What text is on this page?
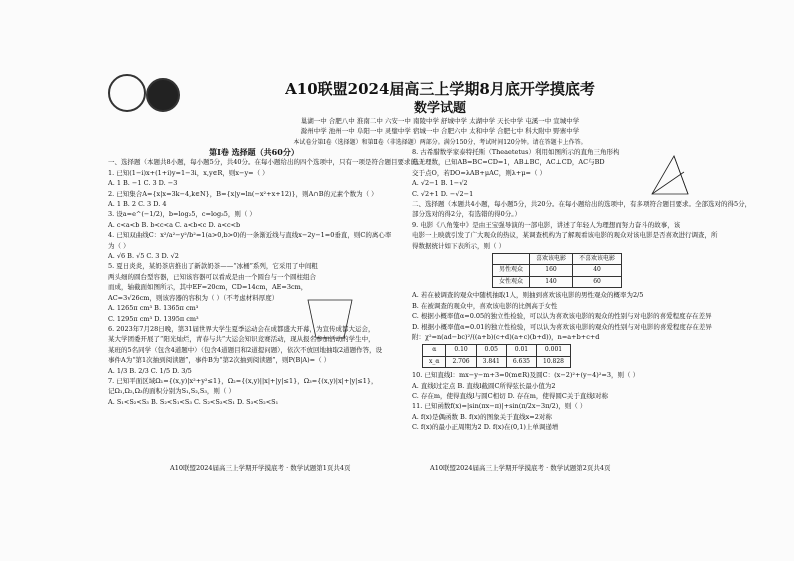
A10联盟2024届高三上学期8月底开学摸底考
数学试题
巢湖一中 合肥八中 淮南二中 六安一中 南陵中学 舒城中学 太湖中学 天长中学 屯溪一中 宣城中学
滁州中学 池州一中 阜阳一中 灵璧中学 宿城一中 合肥六中 太和中学 合肥七中 科大附中 野寨中学
本试卷分第Ⅰ卷（选择题）和第Ⅱ卷（非选择题）两部分。满分150分，考试时间120分钟。请在答题卡上作答。
第Ⅰ卷 选择题（共60分）
一、选择题（本题共8小题，每小题5分，共40分。在每小题给出的四个选项中，只有一项是符合题目要求的。）
1. 已知(1−i)x+(1+i)y=1−3i，x,y∈R，则x−y=（ ）
A. 1 B. −1 C. 3 D. −3
2. 已知集合A={x|x=3k−4,k∈N}，B={x|y=ln(−x²+x+12)}，则A∩B的元素个数为（ ）
A. 1 B. 2 C. 3 D. 4
3. 设a=e^(−1/2)，b=log₂5，c=log₃5，则（ ）
A. c<a<b B. b<c<a C. a<b<c D. a<c<b
4. 已知双曲线C：x²/a²−y²/b²=1(a>0,b>0)的一条渐近线与直线x−2y−1=0垂直，则C的离心率
为（ ）
A. √6 B. √5 C. 3 D. √2
5. 夏日炎炎，某奶茶店推出了新款奶茶——“冰桶”系列，它采用了中间粗
两头细的圆台型容器，已知该容器可以看成是由一个圆台与一个圆柱组合
而成，轴截面如图所示，其中EF=20cm，CD=14cm，AE=3cm，
AC=3√26cm，则该容器的容积为（ ）（不考虑材料厚度）
A. 1265π cm³ B. 1365π cm³
C. 1295π cm³ D. 1395π cm³
6. 2023年7月28日晚，第31届世界大学生夏季运动会在成都盛大开幕，为宣传成都大运会，
某大学团委开展了“阳光灿烂，青春与共”大运会知识竞赛活动，现从报名参加活动的学生中，
某班的5名同学（包含4道题中）（包含4道题目和2道提问题），依次不放回地抽取2道题作答，设
事件A为“第1次抽到阅读题”，事件B为“第2次抽到阅读题”，则P(B|A)=（ ）
A. 1/3 B. 2/3 C. 1/5 D. 3/5
7. 已知平面区域Ω₁={(x,y)|x²+y²≤1}，Ω₂={(x,y)||x|+|y|≤1}，Ω₃={(x,y)|x|+|y|≤1}，
记Ω₁,Ω₂,Ω₃的面积分别为S₁,S₂,S₃，则（ ）
A. S₁<S₂<S₃ B. S₂<S₁<S₃ C. S₂<S₃<S₁ D. S₃<S₂<S₁
8. 古希腊数学家泰特托斯（Theaetetus）利用如图所示的直角三角形构
造无理数，已知AB=BC=CD=1，AB⊥BC，AC⊥CD，AC与BD
交于点O，若DO=λAB+μAC，则λ+μ=（ ）
A. √2−1 B. 1−√2
C. √2+1 D. −√2−1
二、选择题（本题共4小题，每小题5分，共20分。在每小题给出的选项中，有多项符合题目要求。全部选对的得5分，
部分选对的得2分，有选错的得0分。）
9. 电影《八角笼中》是由王宝强导演的一部电影，讲述了年轻人为理想而努力奋斗的故事，该
电影一上映就引发了广大观众的热议，某调查机构为了解观看该电影的观众对该电影是否喜欢进行调查，所
得数据统计如下表所示，则（ ）
	喜欢该电影	不喜欢该电影
男性观众	160	40
女性观众	140	60
A. 若在被调查的观众中随机抽取1人，则抽到喜欢该电影的男性观众的概率为2/5
B. 在被调查的观众中，喜欢该电影的比例高于女性
C. 根据小概率值α=0.05的独立性检验，可以认为喜欢该电影的观众的性别与对电影的喜爱程度存在差异
D. 根据小概率值α=0.01的独立性检验，可以认为喜欢该电影的观众的性别与对电影的喜爱程度存在差异
附：χ²=n(ad−bc)²/((a+b)(c+d)(a+c)(b+d))，n=a+b+c+d
α	0.10	0.05	0.01	0.001
x_α	2.706	3.841	6.635	10.828
10. 已知直线l：mx−y−m+3=0(m∈R)及圆C：(x−2)²+(y−4)²=3，则（ ）
A. 直线l过定点 B. 直线l截圆C所得弦长最小值为2
C. 存在m，使得直线l与圆C相切 D. 存在m，使得圆C关于直线l对称
11. 已知函数f(x)=|sin(πx−π)|+sin(π/2x−3π/2)，则（ ）
A. f(x)是偶函数 B. f(x)的图象关于直线x=2对称
C. f(x)的最小正周期为2 D. f(x)在(0,1)上单调递增
A10联盟2024届高三上学期开学摸底考 · 数学试题第1页共4页	A10联盟2024届高三上学期开学摸底考 · 数学试题第2页共4页
